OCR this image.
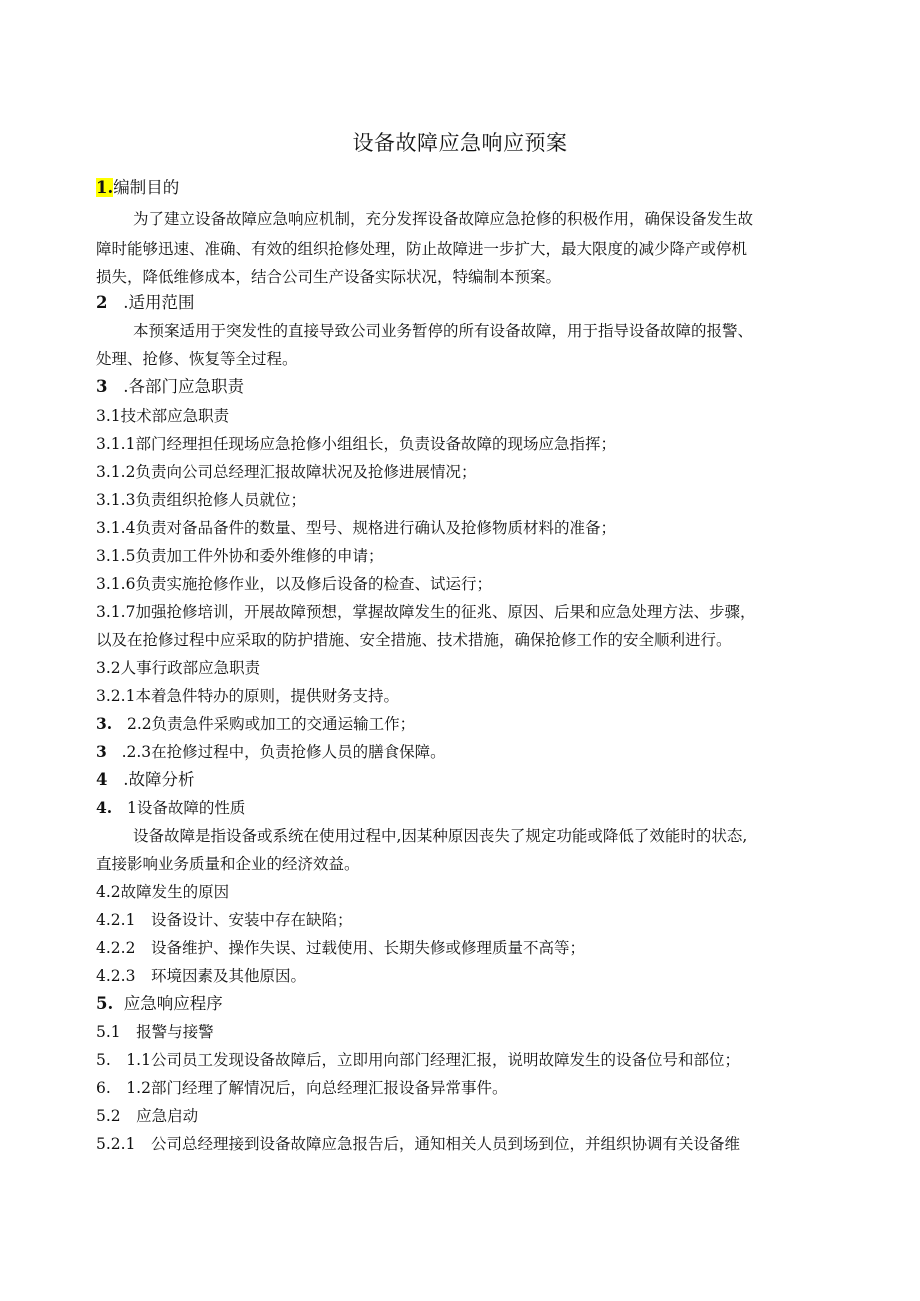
设备故障应急响应预案
1.编制目的
为了建立设备故障应急响应机制，充分发挥设备故障应急抢修的积极作用，确保设备发生故
障时能够迅速、准确、有效的组织抢修处理，防止故障进一步扩大，最大限度的减少降产或停机
损失，降低维修成本，结合公司生产设备实际状况，特编制本预案。
2 .适用范围
本预案适用于突发性的直接导致公司业务暂停的所有设备故障，用于指导设备故障的报警、
处理、抢修、恢复等全过程。
3 .各部门应急职责
3.1技术部应急职责
3.1.1部门经理担任现场应急抢修小组组长，负责设备故障的现场应急指挥；
3.1.2负责向公司总经理汇报故障状况及抢修进展情况；
3.1.3负责组织抢修人员就位；
3.1.4负责对备品备件的数量、型号、规格进行确认及抢修物质材料的准备；
3.1.5负责加工件外协和委外维修的申请；
3.1.6负责实施抢修作业，以及修后设备的检查、试运行；
3.1.7加强抢修培训，开展故障预想，掌握故障发生的征兆、原因、后果和应急处理方法、步骤，
以及在抢修过程中应采取的防护措施、安全措施、技术措施，确保抢修工作的安全顺利进行。
3.2人事行政部应急职责
3.2.1本着急件特办的原则，提供财务支持。
3. 2.2负责急件采购或加工的交通运输工作；
3 .2.3在抢修过程中，负责抢修人员的膳食保障。
4 .故障分析
4. 1设备故障的性质
设备故障是指设备或系统在使用过程中,因某种原因丧失了规定功能或降低了效能时的状态,
直接影响业务质量和企业的经济效益。
4.2故障发生的原因
4.2.1　设备设计、安装中存在缺陷；
4.2.2　设备维护、操作失误、过载使用、长期失修或修理质量不高等；
4.2.3　环境因素及其他原因。
5. 应急响应程序
5.1　报警与接警
5.　1.1公司员工发现设备故障后，立即用向部门经理汇报，说明故障发生的设备位号和部位；
6.　1.2部门经理了解情况后，向总经理汇报设备异常事件。
5.2　应急启动
5.2.1　公司总经理接到设备故障应急报告后，通知相关人员到场到位，并组织协调有关设备维
